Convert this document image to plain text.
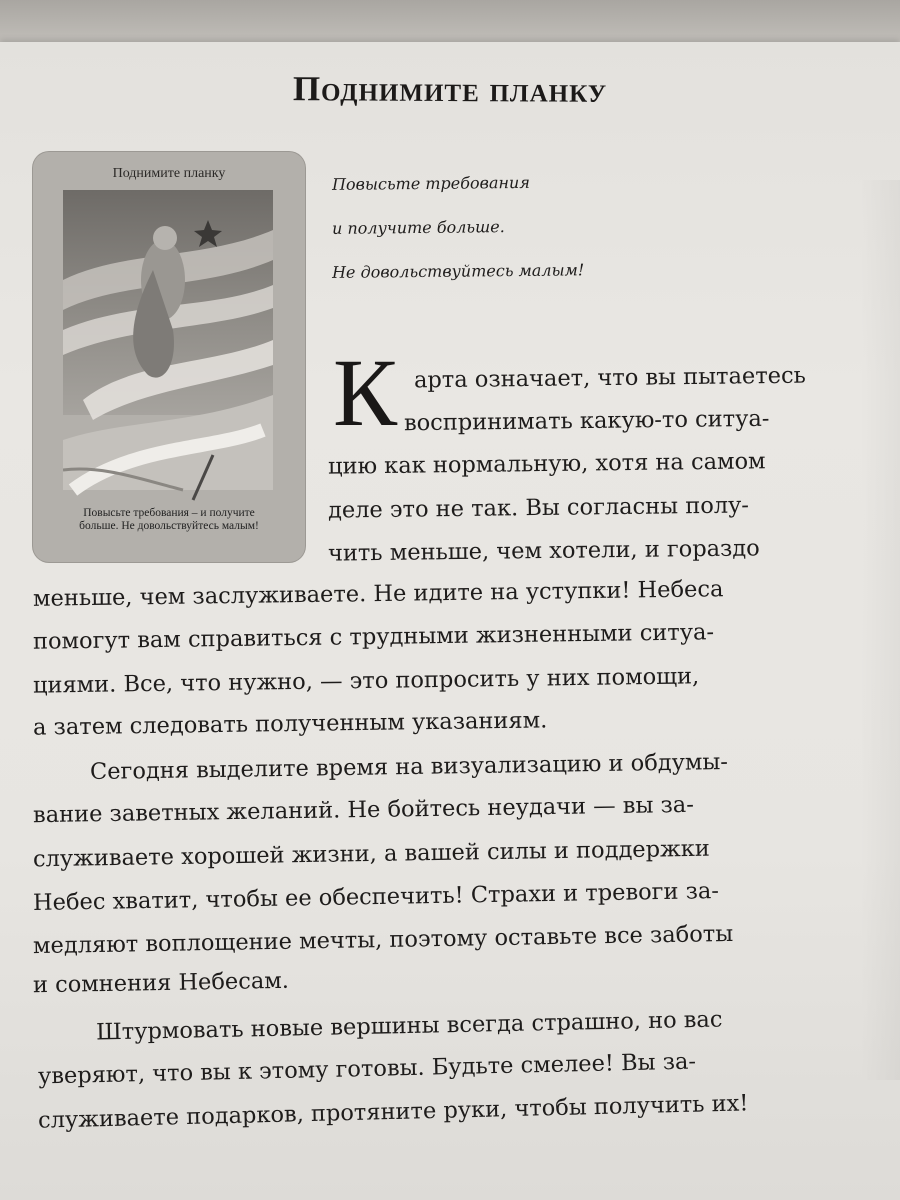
Поднимите планку
Поднимите планку
Повысьте требования – и получите
больше. Не довольствуйтесь малым!
Повысьте требования
и получите больше.
Не довольствуйтесь малым!
К арта означает, что вы пытаетесь
воспринимать какую-то ситуа-
цию как нормальную, хотя на самом
деле это не так. Вы согласны полу-
чить меньше, чем хотели, и гораздо
меньше, чем заслуживаете. Не идите на уступки! Небеса
помогут вам справиться с трудными жизненными ситуа-
циями. Все, что нужно, — это попросить у них помощи,
а затем следовать полученным указаниям.
Сегодня выделите время на визуализацию и обдумы-
вание заветных желаний. Не бойтесь неудачи — вы за-
служиваете хорошей жизни, а вашей силы и поддержки
Небес хватит, чтобы ее обеспечить! Страхи и тревоги за-
медляют воплощение мечты, поэтому оставьте все заботы
и сомнения Небесам.
Штурмовать новые вершины всегда страшно, но вас
уверяют, что вы к этому готовы. Будьте смелее! Вы за-
служиваете подарков, протяните руки, чтобы получить их!
